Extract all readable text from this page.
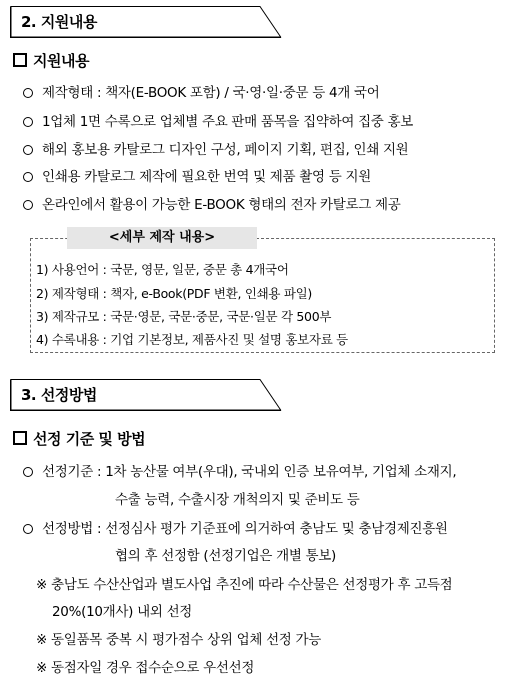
2. 지원내용
지원내용
제작형태 : 책자(E-BOOK 포함) / 국·영·일·중문 등 4개 국어
1업체 1면 수록으로 업체별 주요 판매 품목을 집약하여 집중 홍보
해외 홍보용 카탈로그 디자인 구성, 페이지 기획, 편집, 인쇄 지원
인쇄용 카탈로그 제작에 필요한 번역 및 제품 촬영 등 지원
온라인에서 활용이 가능한 E-BOOK 형태의 전자 카탈로그 제공
<세부 제작 내용>
1) 사용언어 : 국문, 영문, 일문, 중문 총 4개국어
2) 제작형태 : 책자, e-Book(PDF 변환, 인쇄용 파일)
3) 제작규모 : 국문·영문, 국문·중문, 국문·일문 각 500부
4) 수록내용 : 기업 기본정보, 제품사진 및 설명 홍보자료 등
3. 선정방법
선정 기준 및 방법
선정기준 : 1차 농산물 여부(우대), 국내외 인증 보유여부, 기업체 소재지,
수출 능력, 수출시장 개척의지 및 준비도 등
선정방법 : 선정심사 평가 기준표에 의거하여 충남도 및 충남경제진흥원
협의 후 선정함 (선정기업은 개별 통보)
※ 충남도 수산산업과 별도사업 추진에 따라 수산물은 선정평가 후 고득점
20%(10개사) 내외 선정
※ 동일품목 중복 시 평가점수 상위 업체 선정 가능
※ 동점자일 경우 접수순으로 우선선정
